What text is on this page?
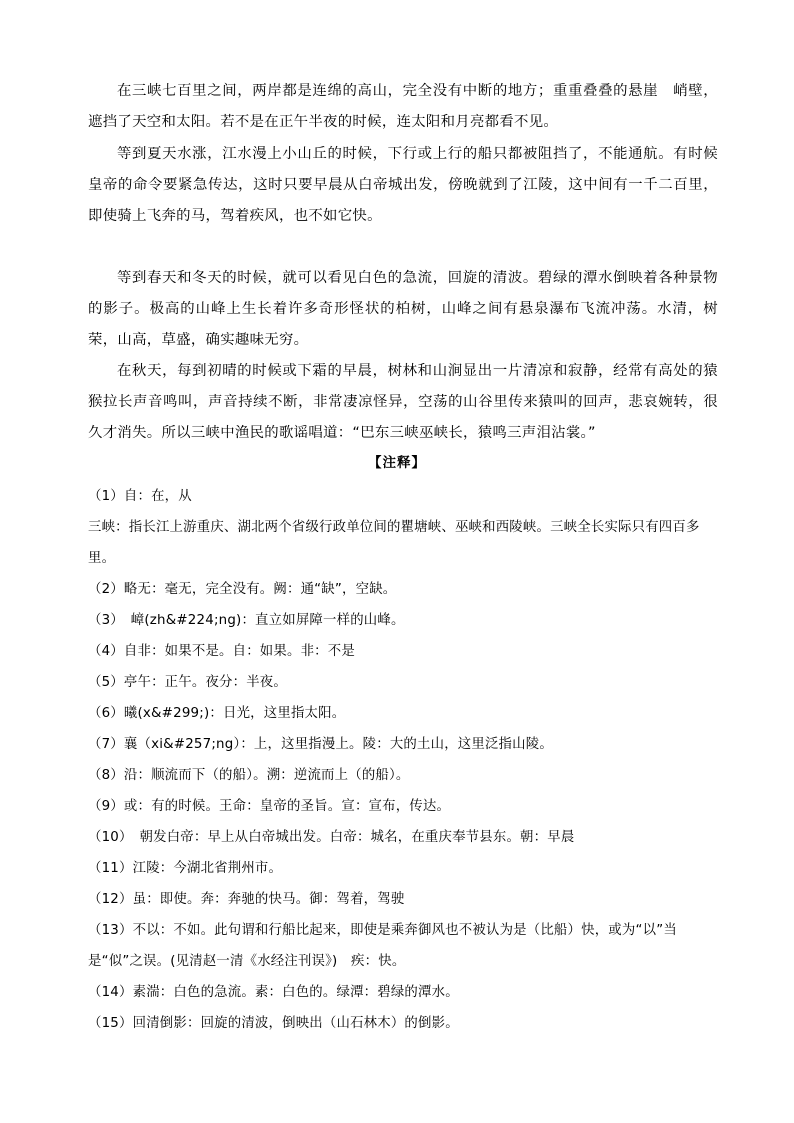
在三峡七百里之间，两岸都是连绵的高山，完全没有中断的地方；重重叠叠的悬崖　峭壁，遮挡了天空和太阳。若不是在正午半夜的时候，连太阳和月亮都看不见。

等到夏天水涨，江水漫上小山丘的时候，下行或上行的船只都被阻挡了，不能通航。有时候皇帝的命令要紧急传达，这时只要早晨从白帝城出发，傍晚就到了江陵，这中间有一千二百里，即使骑上飞奔的马，驾着疾风，也不如它快。

等到春天和冬天的时候，就可以看见白色的急流，回旋的清波。碧绿的潭水倒映着各种景物的影子。极高的山峰上生长着许多奇形怪状的柏树，山峰之间有悬泉瀑布飞流冲荡。水清，树荣，山高，草盛，确实趣味无穷。

在秋天，每到初晴的时候或下霜的早晨，树林和山涧显出一片清凉和寂静，经常有高处的猿猴拉长声音鸣叫，声音持续不断，非常凄凉怪异，空荡的山谷里传来猿叫的回声，悲哀婉转，很久才消失。所以三峡中渔民的歌谣唱道：“巴东三峡巫峡长，猿鸣三声泪沾裳。”

【注释】
（1）自：在，从
三峡：指长江上游重庆、湖北两个省级行政单位间的瞿塘峡、巫峡和西陵峡。三峡全长实际只有四百多里。
（2）略无：毫无，完全没有。阙：通“缺”，空缺。
（3）　嶂(zh&#224;ng)：直立如屏障一样的山峰。
（4）自非：如果不是。自：如果。非：不是
（5）亭午：正午。夜分：半夜。
（6）曦(x&#299;)：日光，这里指太阳。
（7）襄（xi&#257;ng）：上，这里指漫上。陵：大的土山，这里泛指山陵。
（8）沿：顺流而下（的船）。溯：逆流而上（的船）。
（9）或：有的时候。王命：皇帝的圣旨。宣：宣布，传达。
（10）　朝发白帝：早上从白帝城出发。白帝：城名，在重庆奉节县东。朝：早晨
（11）江陵：今湖北省荆州市。
（12）虽：即使。奔：奔驰的快马。御：驾着，驾驶
（13）不以：不如。此句谓和行船比起来，即使是乘奔御风也不被认为是（比船）快，或为“以”当是“似”之误。(见清赵一清《水经注刊误》)　疾：快。
（14）素湍：白色的急流。素：白色的。绿潭：碧绿的潭水。
（15）回清倒影：回旋的清波，倒映出（山石林木）的倒影。
